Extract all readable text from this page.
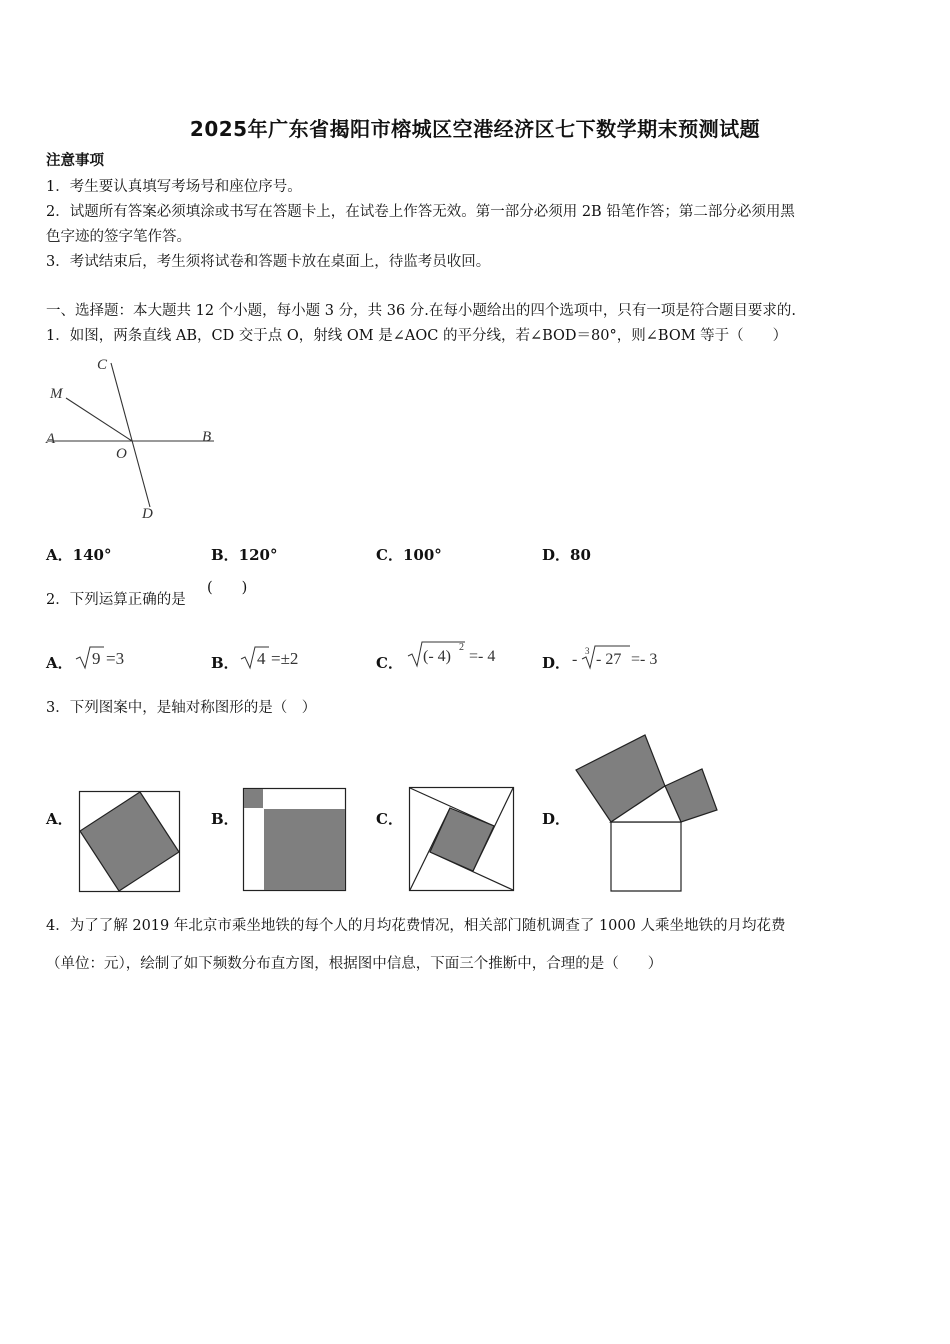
2025年广东省揭阳市榕城区空港经济区七下数学期末预测试题
注意事项
1．考生要认真填写考场号和座位序号。
2．试题所有答案必须填涂或书写在答题卡上，在试卷上作答无效。第一部分必须用 2B 铅笔作答；第二部分必须用黑
色字迹的签字笔作答。
3．考试结束后，考生须将试卷和答题卡放在桌面上，待监考员收回。
一、选择题：本大题共 12 个小题，每小题 3 分，共 36 分.在每小题给出的四个选项中，只有一项是符合题目要求的.
1．如图，两条直线 AB，CD 交于点 O，射线 OM 是∠AOC 的平分线，若∠BOD＝80°，则∠BOM 等于（　　）
C
M
A
O
B
D
A．140°	B．120°	C．100°	D．80
2．下列运算正确的是
(　　)
A． 9 =3	B． 4 =±2	C． (- 4)
2
=- 4	D． - 3 - 27 =- 3
3．下列图案中，是轴对称图形的是（　）
A．	B．	C．	D．
4．为了了解 2019 年北京市乘坐地铁的每个人的月均花费情况，相关部门随机调查了 1000 人乘坐地铁的月均花费
（单位：元），绘制了如下频数分布直方图，根据图中信息，下面三个推断中，合理的是（　　）
